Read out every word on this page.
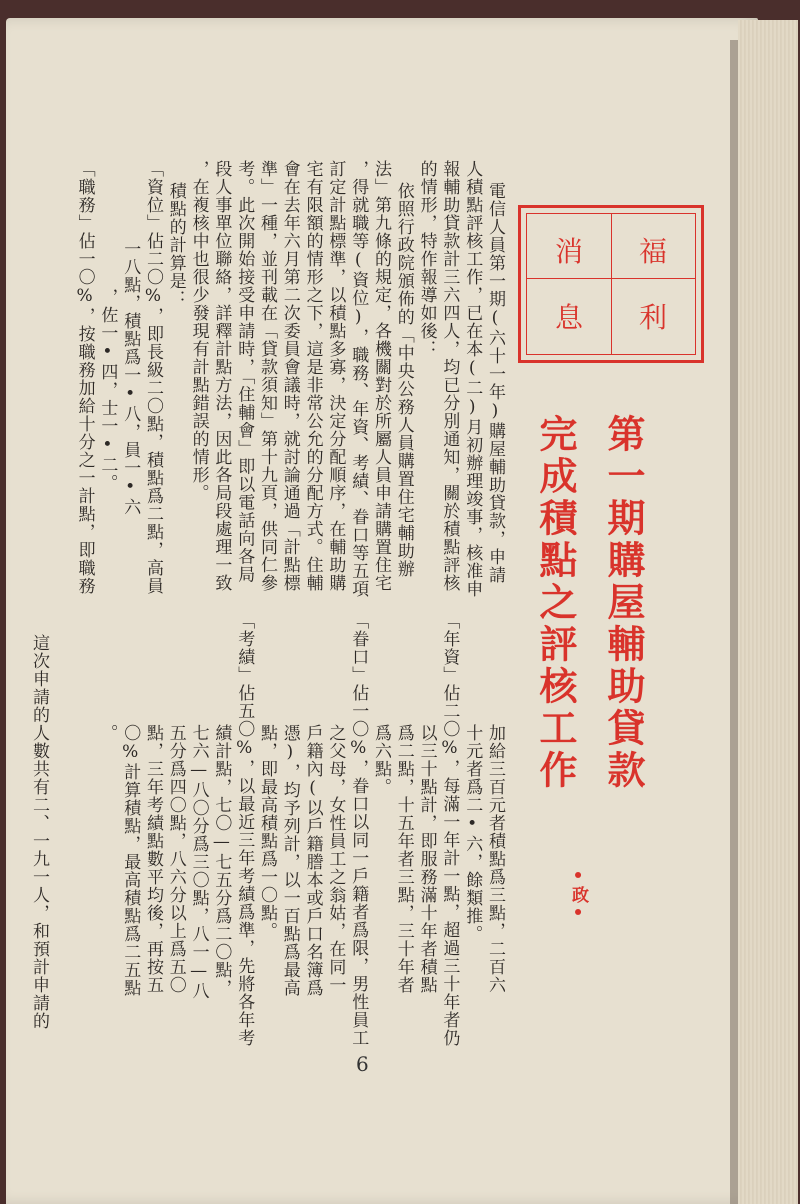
福
利
消
息
第一期購屋輔助貸款
完成積點之評核工作
•政•
電信人員第一期(六十一年)購屋輔助貸款，申請
人積點評核工作，已在本(二)月初辦理竣事，核准申
報輔助貸款計三六四人，均已分別通知，關於積點評核
的情形，特作報導如後：
依照行政院頒佈的「中央公務人員購置住宅輔助辦
法」第九條的規定，各機關對於所屬人員申請購置住宅
，得就職等(資位)，職務、年資、考績、眷口等五項
訂定計點標準，以積點多寡，決定分配順序，在輔助購
宅有限額的情形之下，這是非常公允的分配方式。住輔
會在去年六月第二次委員會議時，就討論通過「計點標
準」一種，並刊載在「貸款須知」第十九頁，供同仁參
考。此次開始接受申請時，「住輔會」即以電話向各局
段人事單位聯絡，詳釋計點方法，因此各局段處理一致
，在複核中也很少發現有計點錯誤的情形。
積點的計算是：
「資位」佔二〇%，即長級二〇點，積點爲二點，高員
一八點，積點爲一•八，員一•六
，佐一•四，士一•二。
「職務」佔一〇%，按職務加給十分之一計點，即職務
加給三百元者積點爲三點，二百六
十元者爲二•六，餘類推。
「年資」佔二〇%，每滿一年計一點，超過三十年者仍
以三十點計，即服務滿十年者積點
爲二點，十五年者三點，三十年者
爲六點。
「眷口」佔一〇%，眷口以同一戶籍者爲限，男性員工
之父母，女性員工之翁姑，在同一
戶籍內(以戶籍謄本或戶口名簿爲
憑)，均予列計，以一百點爲最高
點，即最高積點爲一〇點。
「考績」佔五〇%，以最近三年考績爲準，先將各年考
績計點，七〇—七五分爲二〇點，
七六—八〇分爲三〇點，八一—八
五分爲四〇點，八六分以上爲五〇
點，三年考績點數平均後，再按五
〇%計算積點，最高積點爲二五點
。
這次申請的人數共有二、一九一人，和預計申請的
6
